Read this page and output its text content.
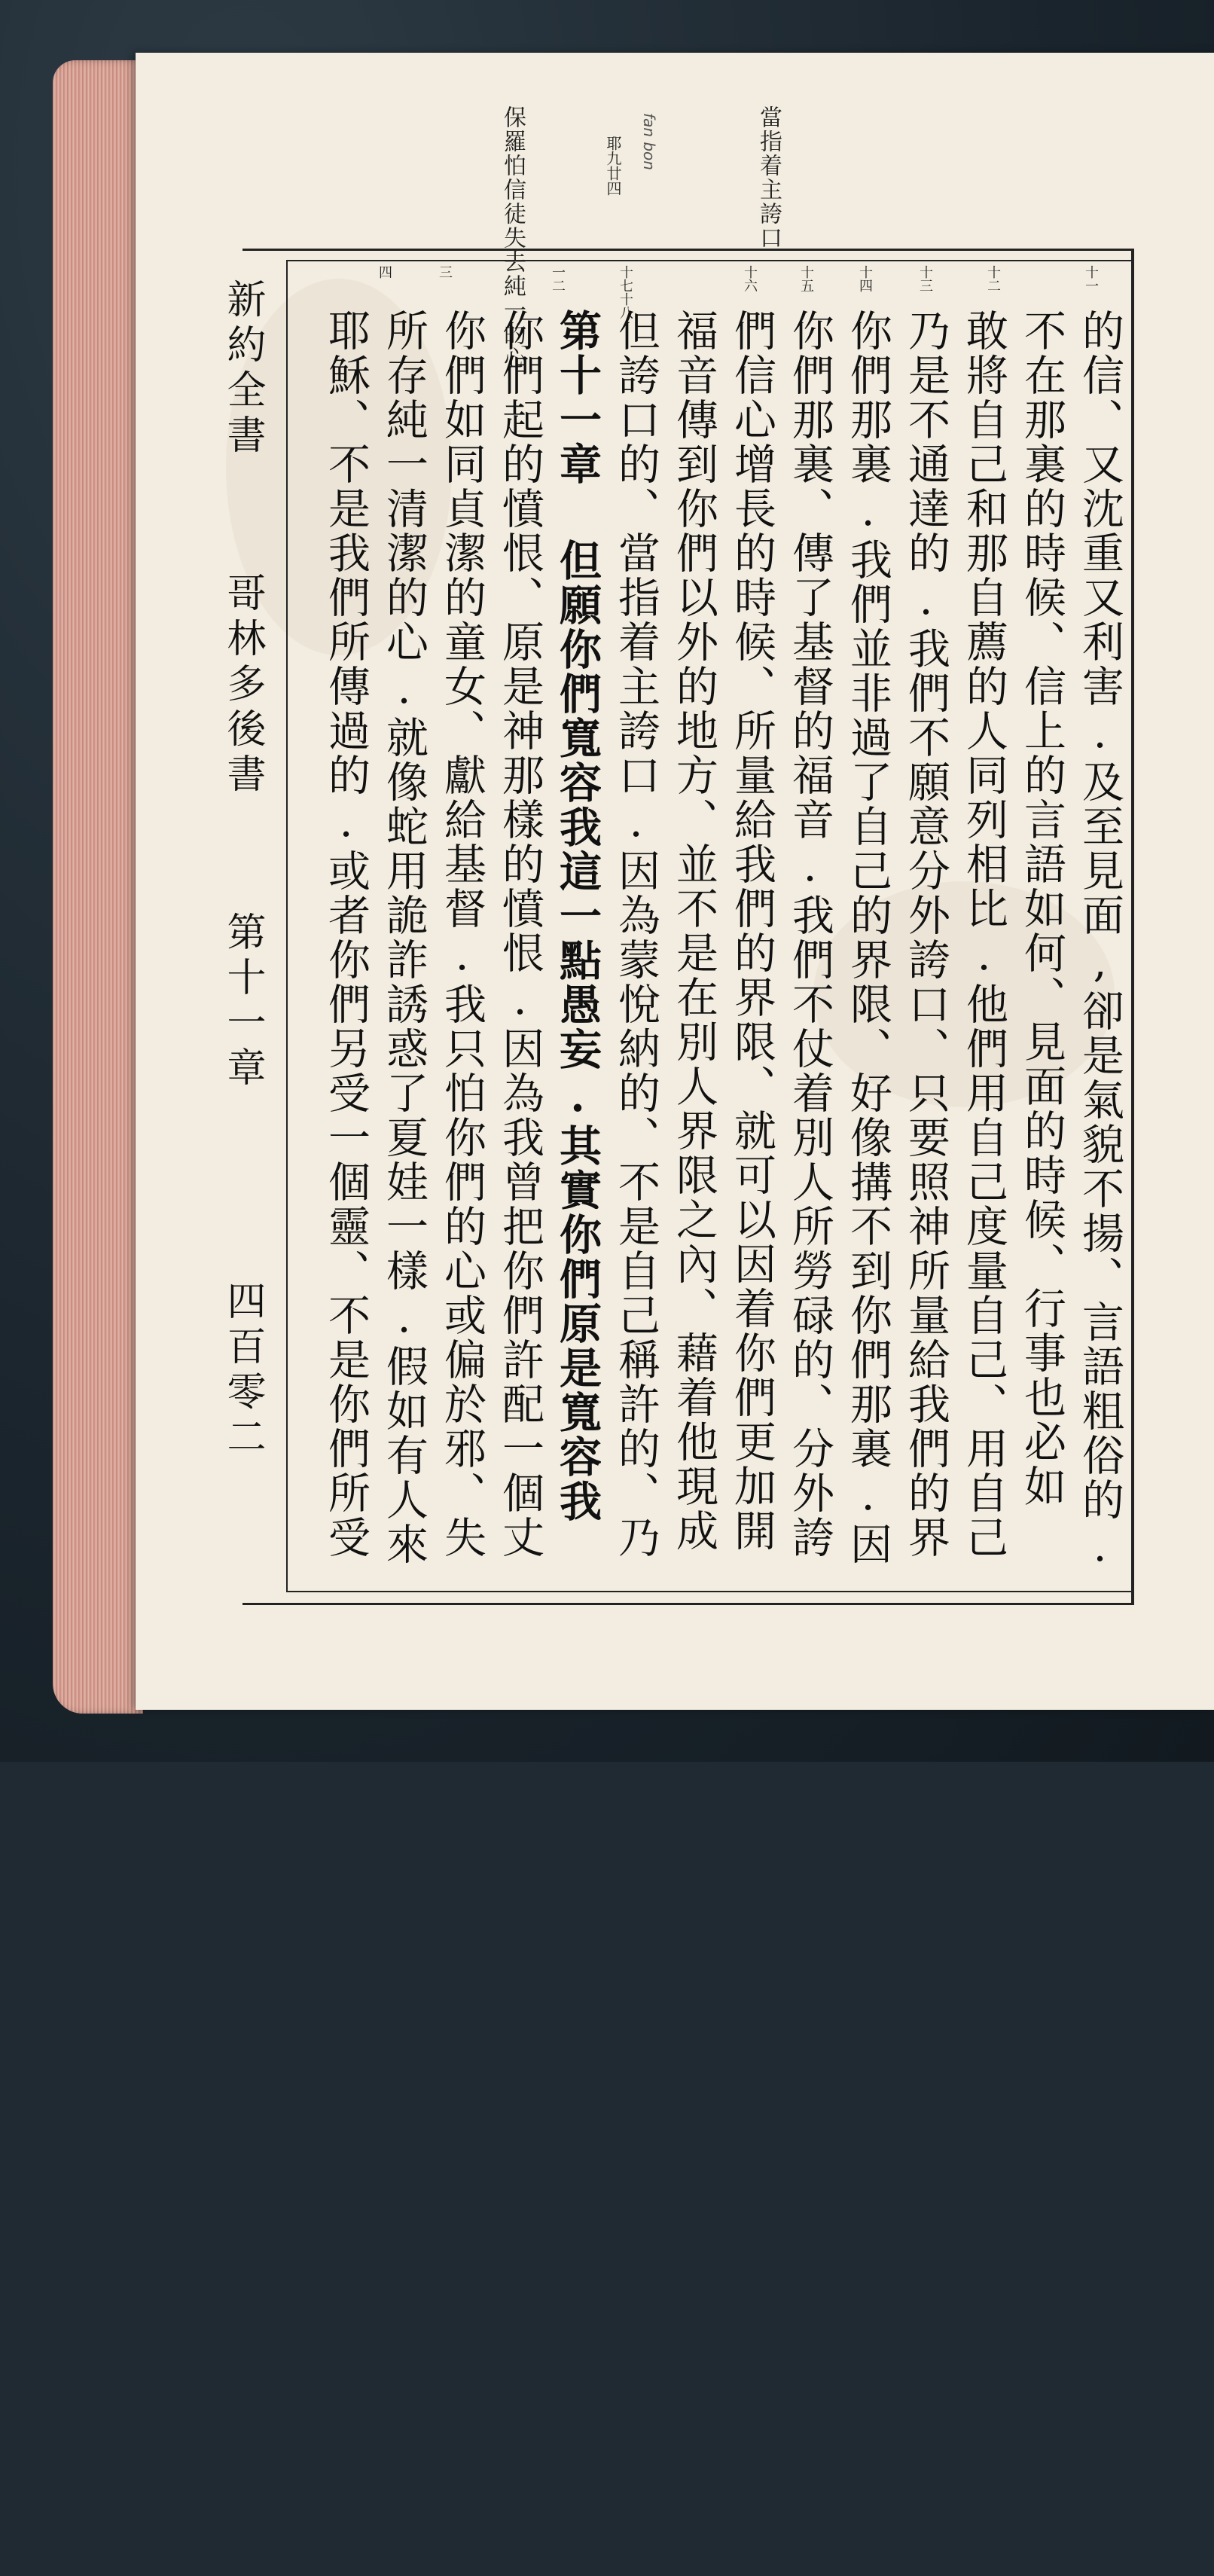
當指着主誇口
保羅怕信徒失去純一的心	耶九廿四 fan bon
新約全書
哥林多後書
第十一章
四百零二
十一
十二
十三
十四
十五
十六
十七十八
一二
三
四
的信、又沈重又利害.及至見面,卻是氣貌不揚、言語粗俗的.
不在那裏的時候、信上的言語如何、見面的時候、行事也必如
敢將自己和那自薦的人同列相比.他們用自己度量自己、用自己
乃是不通達的.我們不願意分外誇口、只要照神所量給我們的界
你們那裏.我們並非過了自己的界限、好像搆不到你們那裏.因
你們那裏、傳了基督的福音.我們不仗着別人所勞碌的、分外誇
們信心增長的時候、所量給我們的界限、就可以因着你們更加開
福音傳到你們以外的地方、並不是在別人界限之內、藉着他現成
但誇口的、當指着主誇口.因為蒙悅納的、不是自己稱許的、乃
第十一章 但願你們寬容我這一點愚妄.其實你們原是寬容我
你們起的憤恨、原是神那樣的憤恨.因為我曾把你們許配一個丈
你們如同貞潔的童女、獻給基督.我只怕你們的心或偏於邪、失
所存純一清潔的心.就像蛇用詭詐誘惑了夏娃一樣.假如有人來
耶穌、不是我們所傳過的.或者你們另受一個靈、不是你們所受
